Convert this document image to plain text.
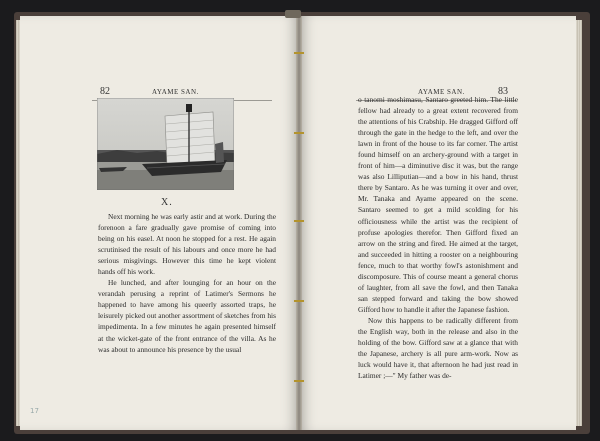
82	AYAME SAN.
X.

Next morning he was early astir and at work. During the forenoon a fare gradually gave promise of coming into being on his easel. At noon he stopped for a rest. He again scrutinised the result of his labours and once more he had serious misgivings. However this time he kept violent hands off his work.

He lunched, and after lounging for an hour on the verandah perusing a reprint of Latimer's Sermons he happened to have among his queerly assorted traps, he leisurely picked out another assortment of sketches from his impedimenta. In a few minutes he again presented himself at the wicket-gate of the front entrance of the villa. As he was about to announce his presence by the usual

17
AYAME SAN.	83

o tanomi moshimasu, Santaro greeted him. The little fellow had already to a great extent recovered from the attentions of his Crabship. He dragged Gifford off through the gate in the hedge to the left, and over the lawn in front of the house to its far corner. The artist found himself on an archery-ground with a target in front of him—a diminutive disc it was, but the range was also Lilliputian—and a bow in his hand, thrust there by Santaro. As he was turning it over and over, Mr. Tanaka and Ayame appeared on the scene. Santaro seemed to get a mild scolding for his officiousness while the artist was the recipient of profuse apologies therefor. Then Gifford fixed an arrow on the string and fired. He aimed at the target, and succeeded in hitting a rooster on a neighbouring fence, much to that worthy fowl's astonishment and discomposure. This of course meant a general chorus of laughter, from all save the fowl, and then Tanaka san stepped forward and taking the bow showed Gifford how to handle it after the Japanese fashion.

Now this happens to be radically different from the English way, both in the release and also in the holding of the bow. Gifford saw at a glance that with the Japanese, archery is all pure arm-work. Now as luck would have it, that afternoon he had just read in Latimer ;—" My father was de-
